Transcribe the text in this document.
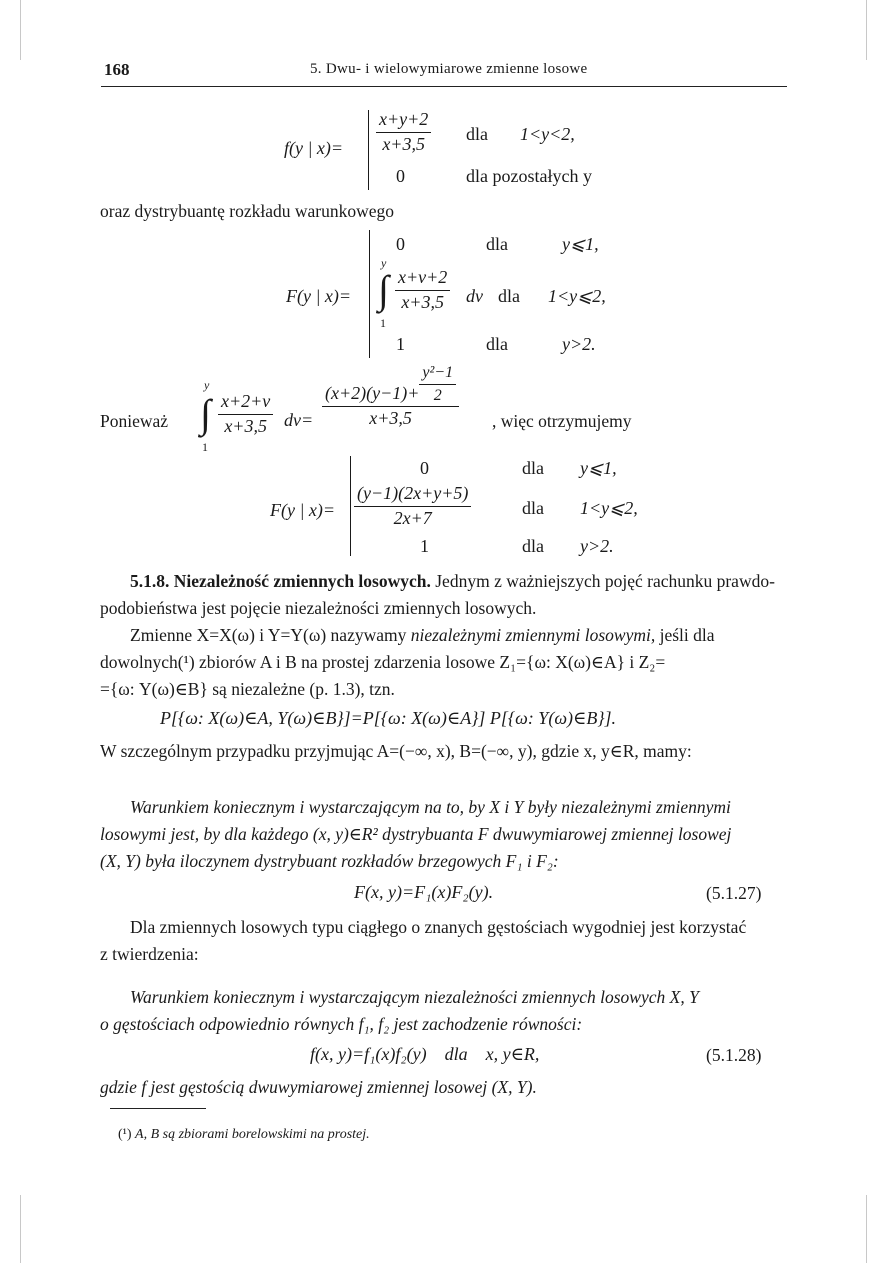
168	5. Dwu- i wielowymiarowe zmienne losowe
f(y | $x)= \frac{x+y+2}{x+3,5}$ dla 1<y<2,
0	dla pozostałych y
oraz dystrybuantę rozkładu warunkowego
F(y | x)=
0	dla	y⩽1,
y
∫
1
$\frac{x+v+2}{x+3,5}$ dv dla 1<y⩽2,
1	dla	y>2.
Ponieważ
y
∫
1
$\frac{x+2+v}{x+3,5} dv= \frac{(x+2)(y-1)+ \frac{\text{y²−1}}{2}}{x+3,5}$ , więc otrzymujemy
F(y | x)=
0	dla y⩽1,
$\frac{(y-1)(2x+y+5)}{2x+7}$	dla 1<y⩽2,
1	dla y>2.
5.1.8. Niezależność zmiennych losowych. Jednym z ważniejszych pojęć rachunku prawdo-
podobieństwa jest pojęcie niezależności zmiennych losowych.
Zmienne X=X(ω) i Y=Y(ω) nazywamy niezależnymi zmiennymi losowymi, jeśli dla
dowolnych(¹) zbiorów A i B na prostej zdarzenia losowe Z₁={ω: X(ω)∈A} i Z₂=
={ω: Y(ω)∈B} są niezależne (p. 1.3), tzn.
P[{ω: X(ω)∈A, Y(ω)∈B}]=P[{ω: X(ω)∈A}] P[{ω: Y(ω)∈B}].
W szczególnym przypadku przyjmując A=(−∞, x), B=(−∞, y), gdzie x, y∈R, mamy:
Warunkiem koniecznym i wystarczającym na to, by X i Y były niezależnymi zmiennymi
losowymi jest, by dla każdego (x, y)∈R² dystrybuanta F dwuwymiarowej zmiennej losowej
(X, Y) była iloczynem dystrybuant rozkładów brzegowych F₁ i F₂:
F(x, y)=F₁(x)F₂(y).	(5.1.27)
Dla zmiennych losowych typu ciągłego o znanych gęstościach wygodniej jest korzystać
z twierdzenia:
Warunkiem koniecznym i wystarczającym niezależności zmiennych losowych X, Y
o gęstościach odpowiednio równych f₁, f₂ jest zachodzenie równości:
f(x, y)=f₁(x)f₂(y)    dla    x, y∈R,	(5.1.28)
gdzie f jest gęstością dwuwymiarowej zmiennej losowej (X, Y).
(¹) A, B są zbiorami borelowskimi na prostej.
